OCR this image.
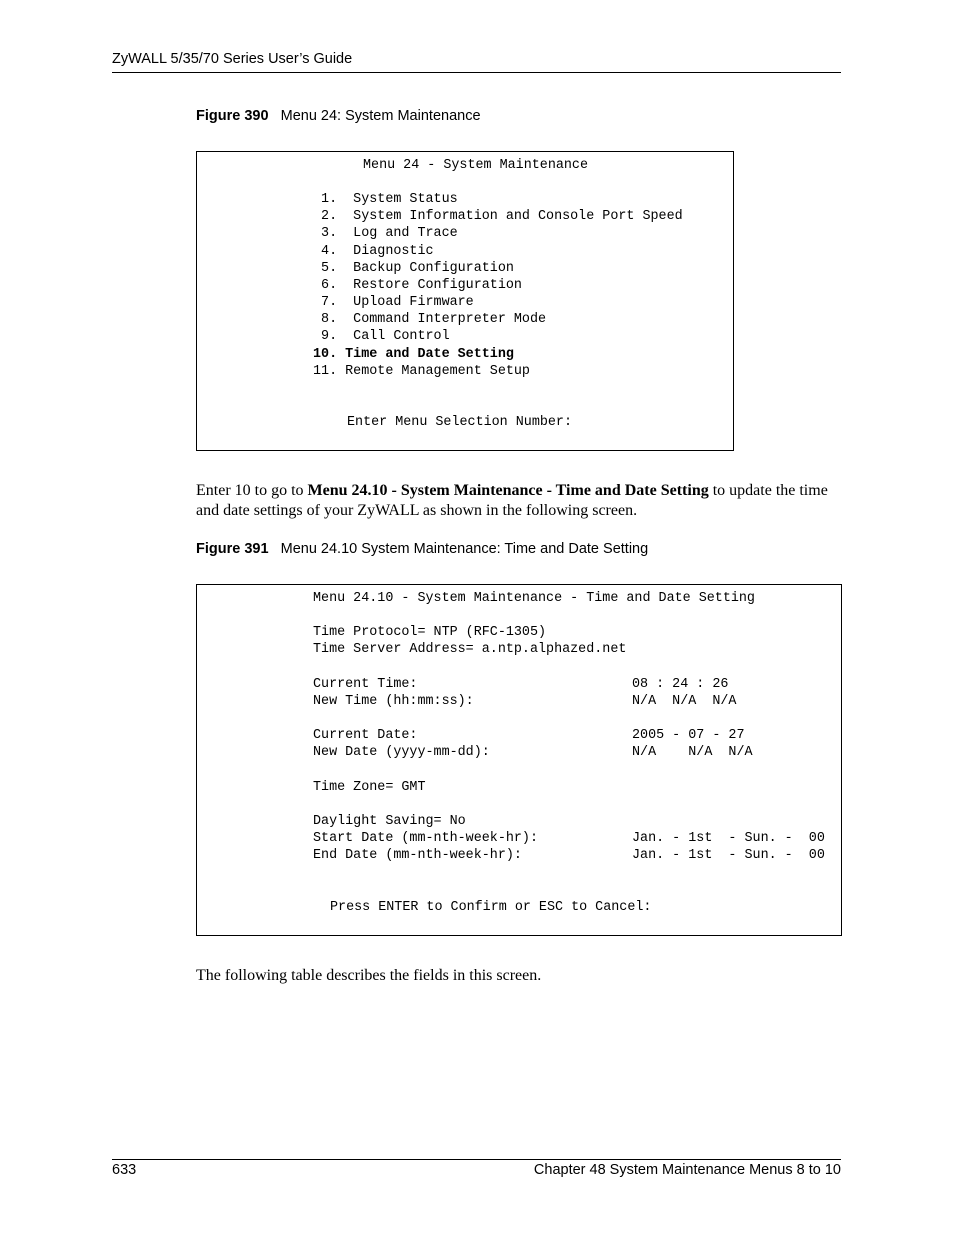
ZyWALL 5/35/70 Series User’s Guide
Figure 390 Menu 24: System Maintenance
Menu 24 - System Maintenance
1.  System Status
2.  System Information and Console Port Speed
3.  Log and Trace
4.  Diagnostic
5.  Backup Configuration
6.  Restore Configuration
7.  Upload Firmware
8.  Command Interpreter Mode
9.  Call Control
10. Time and Date Setting
11. Remote Management Setup
Enter Menu Selection Number:
Enter 10 to go to Menu 24.10 - System Maintenance - Time and Date Setting to update the time and date settings of your ZyWALL as shown in the following screen.
Figure 391 Menu 24.10 System Maintenance: Time and Date Setting
Menu 24.10 - System Maintenance - Time and Date Setting
Time Protocol= NTP (RFC-1305)
Time Server Address= a.ntp.alphazed.net
Current Time:	08 : 24 : 26
New Time (hh:mm:ss):	N/A  N/A  N/A
Current Date:	2005 - 07 - 27
New Date (yyyy-mm-dd):	N/A    N/A  N/A
Time Zone= GMT
Daylight Saving= No
Start Date (mm-nth-week-hr):	Jan. - 1st  - Sun. -  00
End Date (mm-nth-week-hr):	Jan. - 1st  - Sun. -  00
Press ENTER to Confirm or ESC to Cancel:
The following table describes the fields in this screen.
633	Chapter 48 System Maintenance Menus 8 to 10
